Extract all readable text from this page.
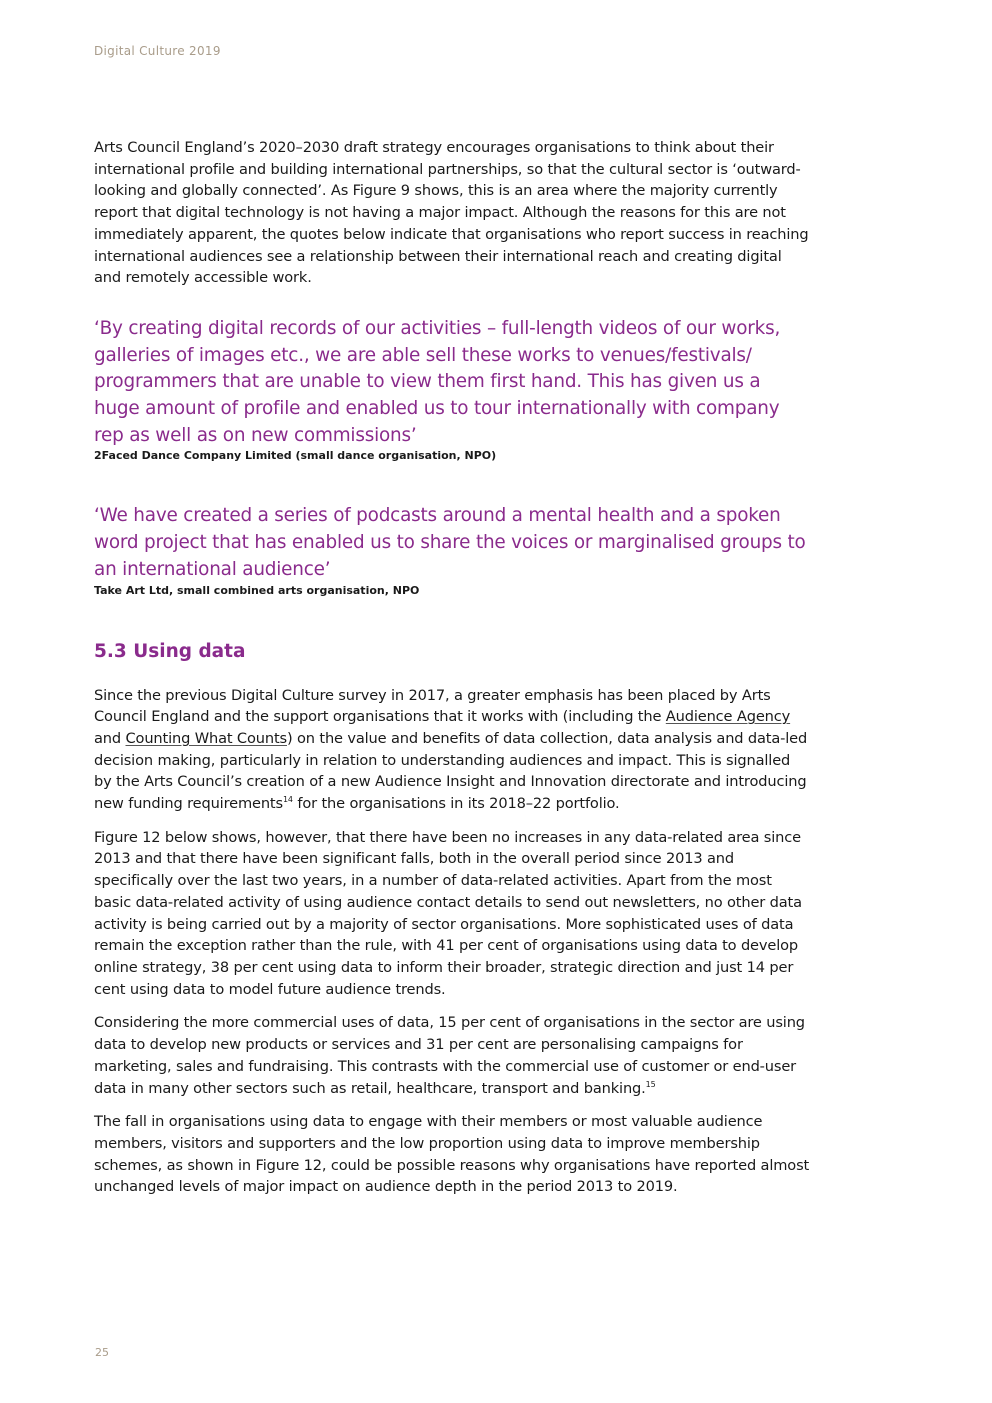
Digital Culture 2019

Arts Council England’s 2020–2030 draft strategy encourages organisations to think about their international profile and building international partnerships, so that the cultural sector is ‘outward-looking and globally connected’. As Figure 9 shows, this is an area where the majority currently report that digital technology is not having a major impact. Although the reasons for this are not immediately apparent, the quotes below indicate that organisations who report success in reaching international audiences see a relationship between their international reach and creating digital and remotely accessible work.

‘By creating digital records of our activities – full-length videos of our works, galleries of images etc., we are able sell these works to venues/festivals/ programmers that are unable to view them first hand. This has given us a huge amount of profile and enabled us to tour internationally with company rep as well as on new commissions’

2Faced Dance Company Limited (small dance organisation, NPO)

‘We have created a series of podcasts around a mental health and a spoken word project that has enabled us to share the voices or marginalised groups to an international audience’

Take Art Ltd, small combined arts organisation, NPO

5.3 Using data

Since the previous Digital Culture survey in 2017, a greater emphasis has been placed by Arts Council England and the support organisations that it works with (including the Audience Agency and Counting What Counts) on the value and benefits of data collection, data analysis and data-led decision making, particularly in relation to understanding audiences and impact. This is signalled by the Arts Council’s creation of a new Audience Insight and Innovation directorate and introducing new funding requirements$^{14}$ for the organisations in its 2018–22 portfolio.

Figure 12 below shows, however, that there have been no increases in any data-related area since 2013 and that there have been significant falls, both in the overall period since 2013 and specifically over the last two years, in a number of data-related activities. Apart from the most basic data-related activity of using audience contact details to send out newsletters, no other data activity is being carried out by a majority of sector organisations. More sophisticated uses of data remain the exception rather than the rule, with 41 per cent of organisations using data to develop online strategy, 38 per cent using data to inform their broader, strategic direction and just 14 per cent using data to model future audience trends.

Considering the more commercial uses of data, 15 per cent of organisations in the sector are using data to develop new products or services and 31 per cent are personalising campaigns for marketing, sales and fundraising. This contrasts with the commercial use of customer or end-user data in many other sectors such as retail, healthcare, transport and banking.$^{15}$

The fall in organisations using data to engage with their members or most valuable audience members, visitors and supporters and the low proportion using data to improve membership schemes, as shown in Figure 12, could be possible reasons why organisations have reported almost unchanged levels of major impact on audience depth in the period 2013 to 2019.

25
